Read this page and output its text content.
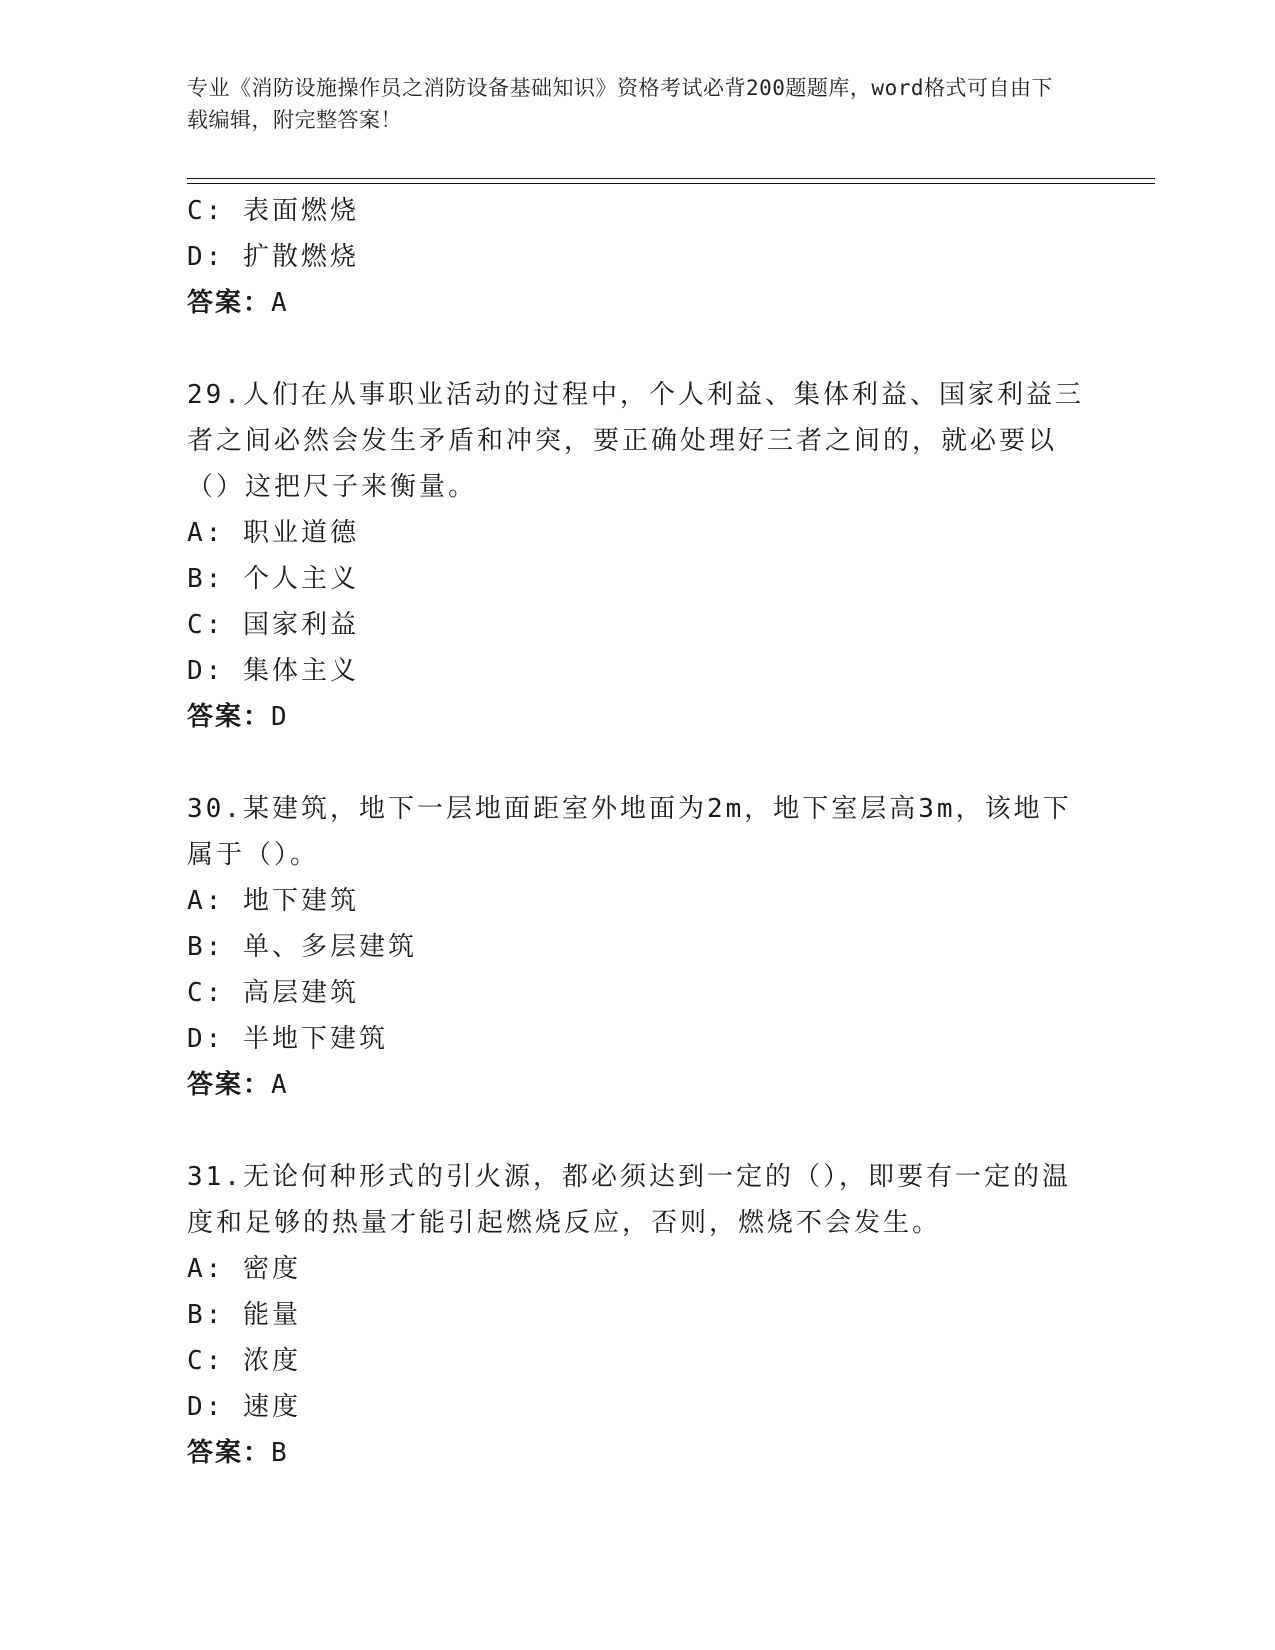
专业《消防设施操作员之消防设备基础知识》资格考试必背200题题库，word格式可自由下载编辑，附完整答案！
C: 表面燃烧
D: 扩散燃烧
答案：A
29.人们在从事职业活动的过程中，个人利益、集体利益、国家利益三者之间必然会发生矛盾和冲突，要正确处理好三者之间的，就必要以（）这把尺子来衡量。
A: 职业道德
B: 个人主义
C: 国家利益
D: 集体主义
答案：D
30.某建筑，地下一层地面距室外地面为2m，地下室层高3m，该地下属于（）。
A: 地下建筑
B: 单、多层建筑
C: 高层建筑
D: 半地下建筑
答案：A
31.无论何种形式的引火源，都必须达到一定的（），即要有一定的温度和足够的热量才能引起燃烧反应，否则，燃烧不会发生。
A: 密度
B: 能量
C: 浓度
D: 速度
答案：B
